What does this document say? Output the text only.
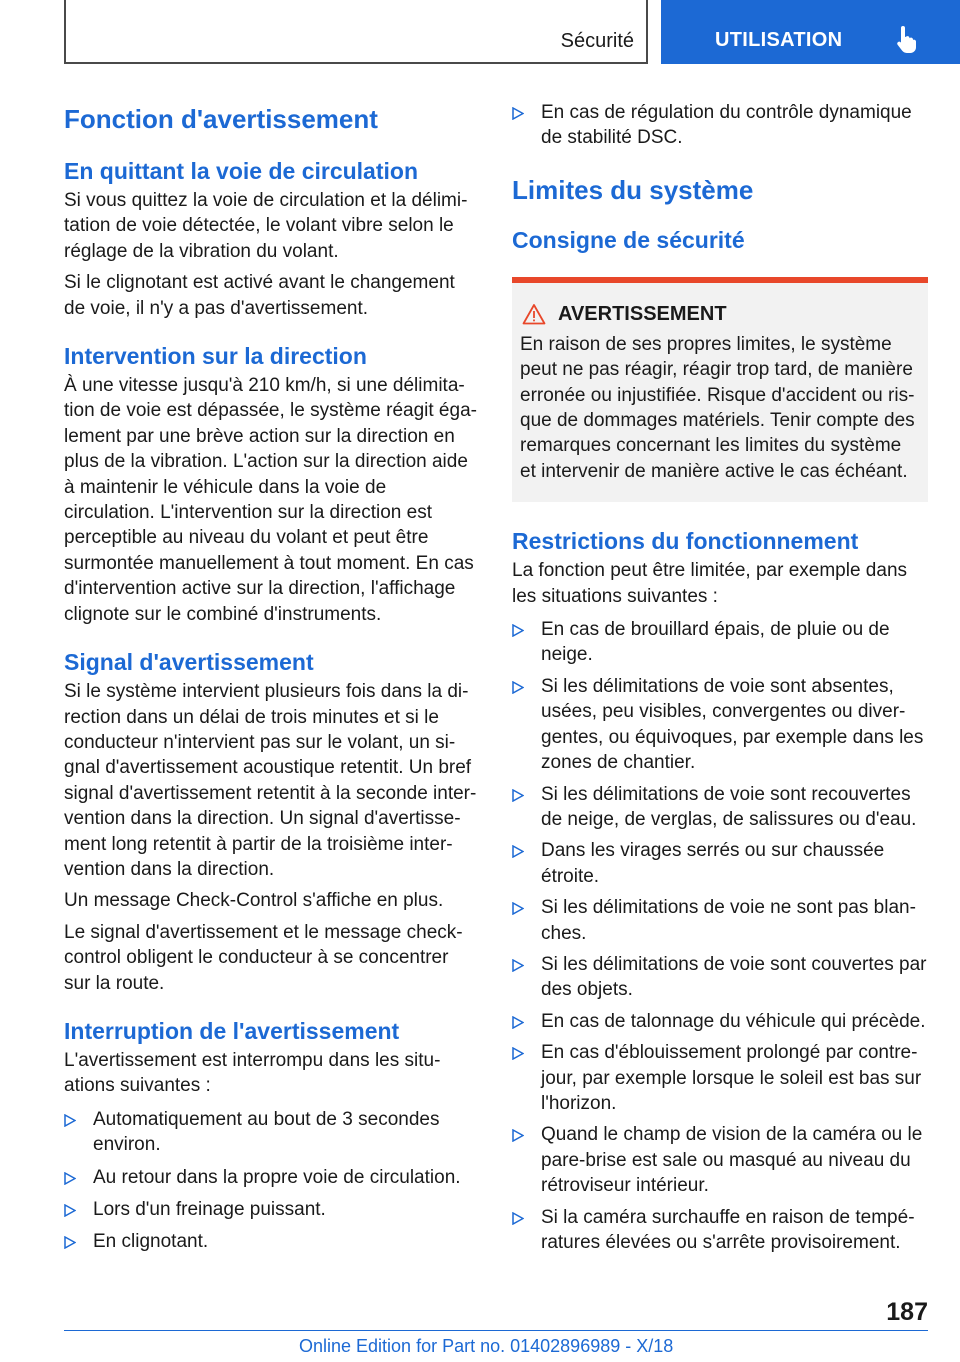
Sécurité	UTILISATION
Fonction d'avertissement
En quittant la voie de circulation

Si vous quittez la voie de circulation et la délimitation de voie détectée, le volant vibre selon le réglage de la vibration du volant.

Si le clignotant est activé avant le changement de voie, il n'y a pas d'avertissement.

Intervention sur la direction

À une vitesse jusqu'à 210 km/h, si une délimitation de voie est dépassée, le système réagit également par une brève action sur la direction en plus de la vibration. L'action sur la direction aide à maintenir le véhicule dans la voie de circulation. L'intervention sur la direction est perceptible au niveau du volant et peut être surmontée manuellement à tout moment. En cas d'intervention active sur la direction, l'affichage clignote sur le combiné d'instruments.

Signal d'avertissement

Si le système intervient plusieurs fois dans la direction dans un délai de trois minutes et si le conducteur n'intervient pas sur le volant, un signal d'avertissement acoustique retentit. Un bref signal d'avertissement retentit à la seconde intervention dans la direction. Un signal d'avertissement long retentit à partir de la troisième intervention dans la direction.

Un message Check-Control s'affiche en plus.

Le signal d'avertissement et le message check-control obligent le conducteur à se concentrer sur la route.

Interruption de l'avertissement

L'avertissement est interrompu dans les situations suivantes :

Automatiquement au bout de 3 secondes environ.
Au retour dans la propre voie de circulation.
Lors d'un freinage puissant.
En clignotant.
En cas de régulation du contrôle dynamique de stabilité DSC.
Limites du système
Consigne de sécurité
AVERTISSEMENT

En raison de ses propres limites, le système peut ne pas réagir, réagir trop tard, de manière erronée ou injustifiée. Risque d'accident ou risque de dommages matériels. Tenir compte des remarques concernant les limites du système et intervenir de manière active le cas échéant.

Restrictions du fonctionnement

La fonction peut être limitée, par exemple dans les situations suivantes :

En cas de brouillard épais, de pluie ou de neige.
Si les délimitations de voie sont absentes, usées, peu visibles, convergentes ou divergentes, ou équivoques, par exemple dans les zones de chantier.
Si les délimitations de voie sont recouvertes de neige, de verglas, de salissures ou d'eau.
Dans les virages serrés ou sur chaussée étroite.
Si les délimitations de voie ne sont pas blanches.
Si les délimitations de voie sont couvertes par des objets.
En cas de talonnage du véhicule qui précède.
En cas d'éblouissement prolongé par contre-jour, par exemple lorsque le soleil est bas sur l'horizon.
Quand le champ de vision de la caméra ou le pare-brise est sale ou masqué au niveau du rétroviseur intérieur.
Si la caméra surchauffe en raison de températures élevées ou s'arrête provisoirement.
187
Online Edition for Part no. 01402896989 - X/18
